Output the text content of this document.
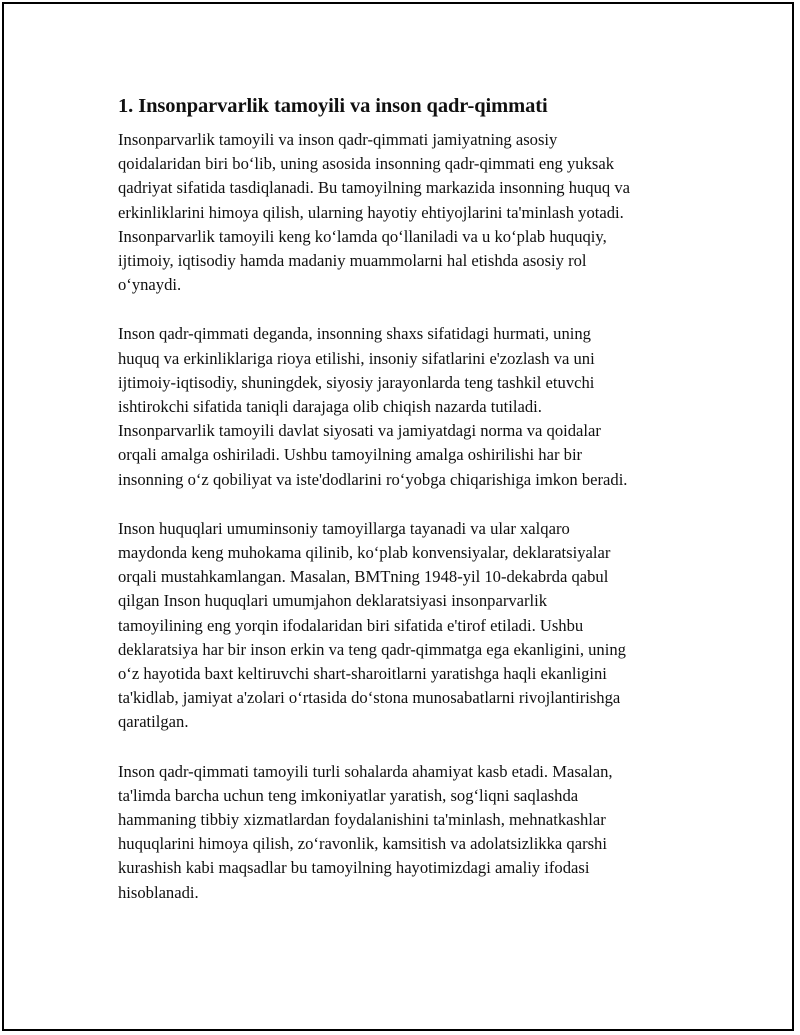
1. Insonparvarlik tamoyili va inson qadr-qimmati

Insonparvarlik tamoyili va inson qadr-qimmati jamiyatning asosiy
qoidalaridan biri bo‘lib, uning asosida insonning qadr-qimmati eng yuksak
qadriyat sifatida tasdiqlanadi. Bu tamoyilning markazida insonning huquq va
erkinliklarini himoya qilish, ularning hayotiy ehtiyojlarini ta'minlash yotadi.
Insonparvarlik tamoyili keng ko‘lamda qo‘llaniladi va u ko‘plab huquqiy,
ijtimoiy, iqtisodiy hamda madaniy muammolarni hal etishda asosiy rol
o‘ynaydi.

Inson qadr-qimmati deganda, insonning shaxs sifatidagi hurmati, uning
huquq va erkinliklariga rioya etilishi, insoniy sifatlarini e'zozlash va uni
ijtimoiy-iqtisodiy, shuningdek, siyosiy jarayonlarda teng tashkil etuvchi
ishtirokchi sifatida taniqli darajaga olib chiqish nazarda tutiladi.
Insonparvarlik tamoyili davlat siyosati va jamiyatdagi norma va qoidalar
orqali amalga oshiriladi. Ushbu tamoyilning amalga oshirilishi har bir
insonning o‘z qobiliyat va iste'dodlarini ro‘yobga chiqarishiga imkon beradi.

Inson huquqlari umuminsoniy tamoyillarga tayanadi va ular xalqaro
maydonda keng muhokama qilinib, ko‘plab konvensiyalar, deklaratsiyalar
orqali mustahkamlangan. Masalan, BMTning 1948-yil 10-dekabrda qabul
qilgan Inson huquqlari umumjahon deklaratsiyasi insonparvarlik
tamoyilining eng yorqin ifodalaridan biri sifatida e'tirof etiladi. Ushbu
deklaratsiya har bir inson erkin va teng qadr-qimmatga ega ekanligini, uning
o‘z hayotida baxt keltiruvchi shart-sharoitlarni yaratishga haqli ekanligini
ta'kidlab, jamiyat a'zolari o‘rtasida do‘stona munosabatlarni rivojlantirishga
qaratilgan.

Inson qadr-qimmati tamoyili turli sohalarda ahamiyat kasb etadi. Masalan,
ta'limda barcha uchun teng imkoniyatlar yaratish, sog‘liqni saqlashda
hammaning tibbiy xizmatlardan foydalanishini ta'minlash, mehnatkashlar
huquqlarini himoya qilish, zo‘ravonlik, kamsitish va adolatsizlikka qarshi
kurashish kabi maqsadlar bu tamoyilning hayotimizdagi amaliy ifodasi
hisoblanadi.
